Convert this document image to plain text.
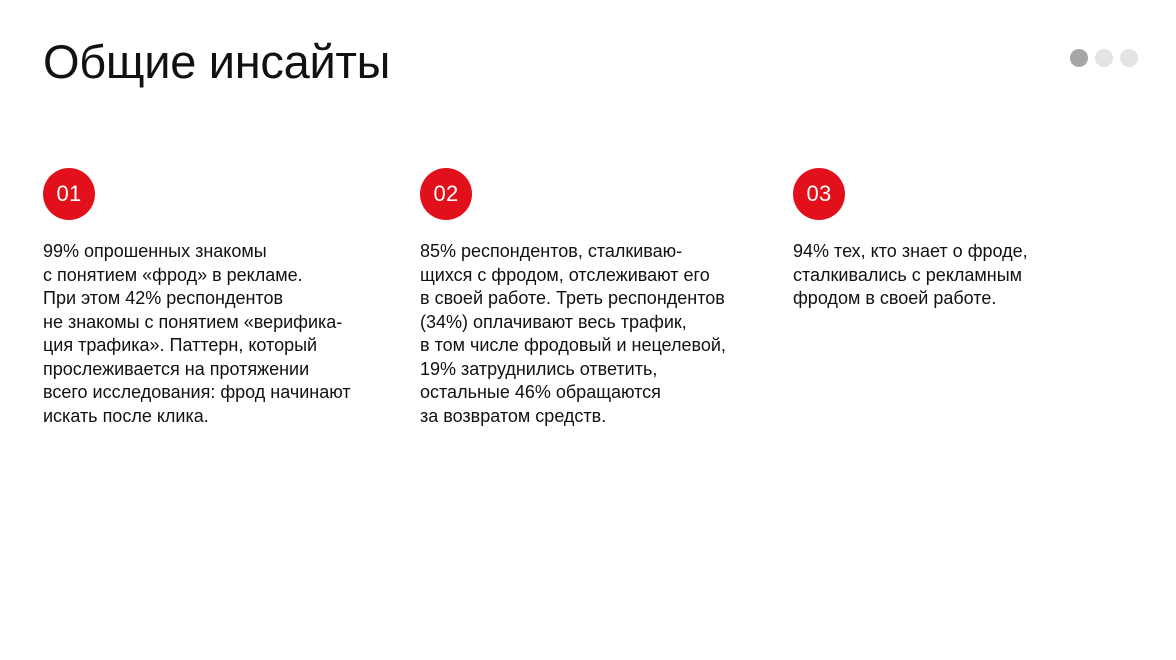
Общие инсайты
01
99% опрошенных знакомы
с понятием «фрод» в рекламе.
При этом 42% респондентов
не знакомы с понятием «верифика-
ция трафика». Паттерн, который
прослеживается на протяжении
всего исследования: фрод начинают
искать после клика.
02
85% респондентов, сталкиваю-
щихся с фродом, отслеживают его
в своей работе. Треть респондентов
(34%) оплачивают весь трафик,
в том числе фродовый и нецелевой,
19% затруднились ответить,
остальные 46% обращаются
за возвратом средств.
03
94% тех, кто знает о фроде,
сталкивались с рекламным
фродом в своей работе.
